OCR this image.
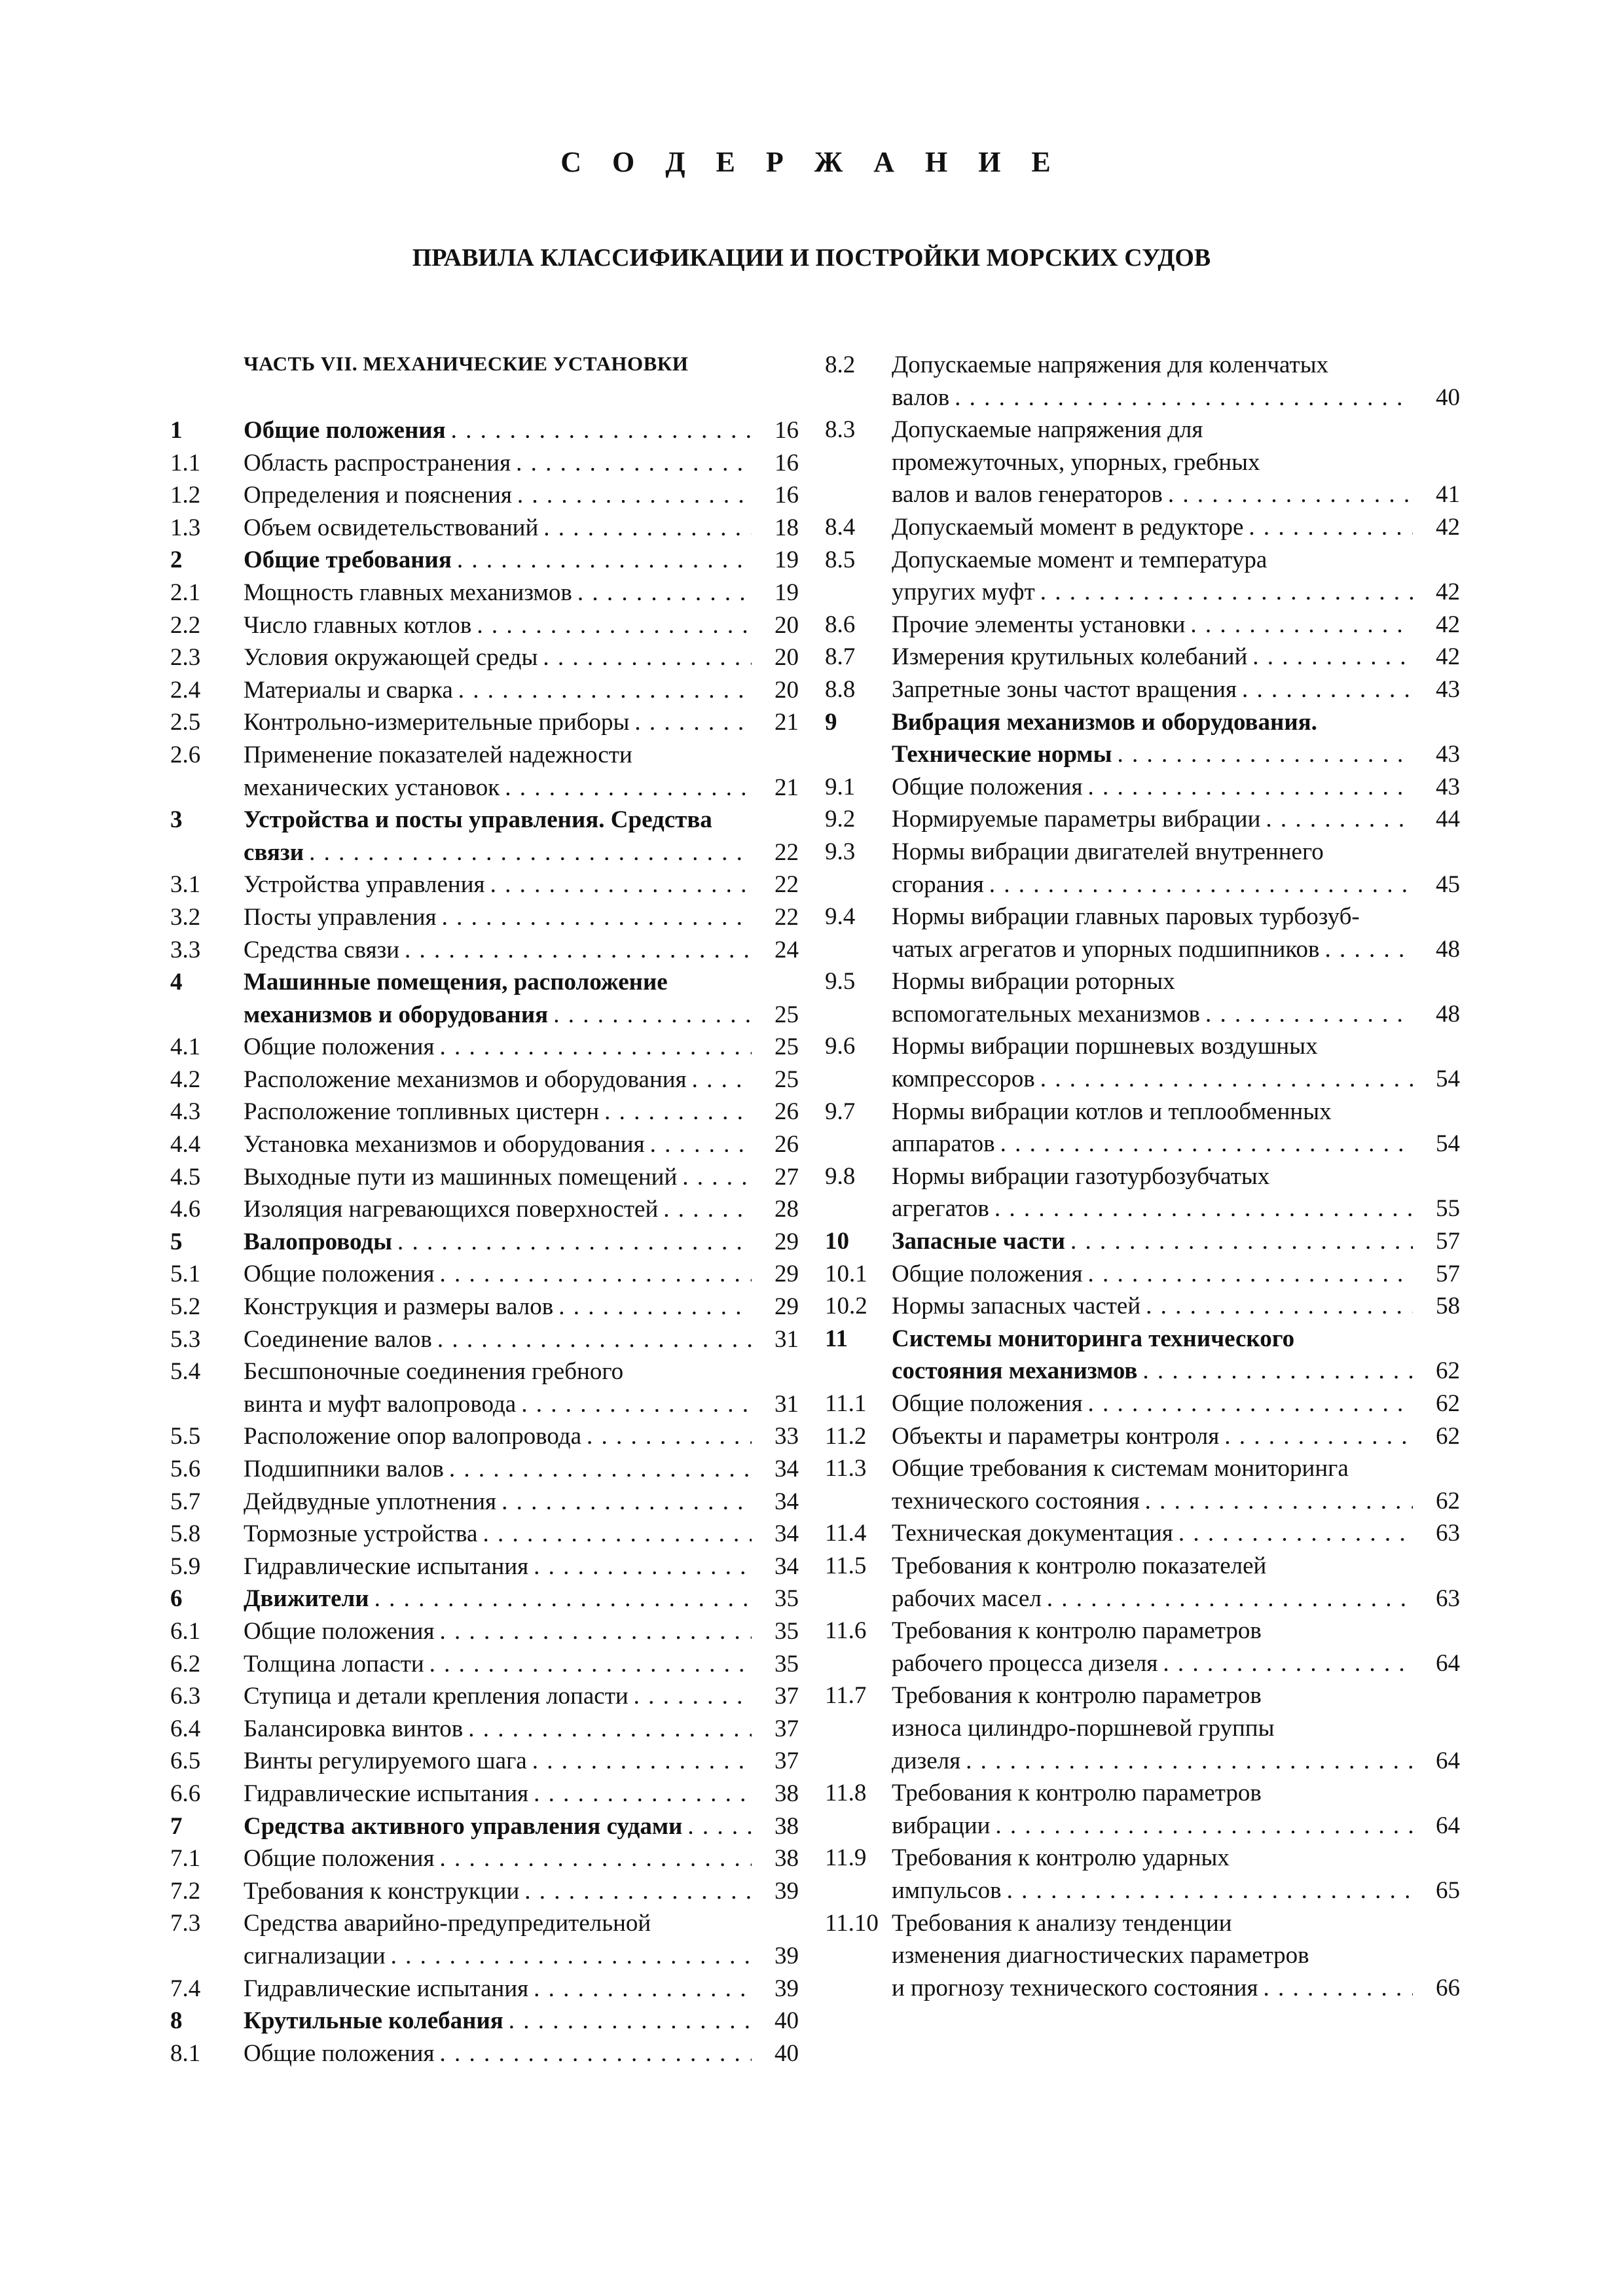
С О Д Е Р Ж А Н И Е
ПРАВИЛА КЛАССИФИКАЦИИ И ПОСТРОЙКИ МОРСКИХ СУДОВ
ЧАСТЬ VII. МЕХАНИЧЕСКИЕ УСТАНОВКИ
1	Общие положения . . .	16
1.1 Область распространения . . .	16
1.2 Определения и пояснения . . .	16
1.3 Объем освидетельствований . . .	18
2	Общие требования . . .	19
2.1 Мощность главных механизмов . . .	19
2.2 Число главных котлов . . .	20
2.3 Условия окружающей среды . . .	20
2.4 Материалы и сварка . . .	20
2.5 Контрольно-измерительные приборы . . .	21
2.6 Применение показателей надежности
механических установок . . .	21
3	Устройства и посты управления. Средства
связи . . .	22
3.1 Устройства управления . . .	22
3.2 Посты управления . . .	22
3.3 Средства связи . . .	24
4	Машинные помещения, расположение
механизмов и оборудования . . .	25
4.1 Общие положения . . .	25
4.2 Расположение механизмов и оборудования . . .	25
4.3 Расположение топливных цистерн . . .	26
4.4 Установка механизмов и оборудования . . .	26
4.5 Выходные пути из машинных помещений . . .	27
4.6 Изоляция нагревающихся поверхностей . . .	28
5	Валопроводы . . .	29
5.1 Общие положения . . .	29
5.2 Конструкция и размеры валов . . .	29
5.3 Соединение валов . . .	31
5.4 Бесшпоночные соединения гребного
винта и муфт валопровода . . .	31
5.5 Расположение опор валопровода . . .	33
5.6 Подшипники валов . . .	34
5.7 Дейдвудные уплотнения . . .	34
5.8 Тормозные устройства . . .	34
5.9 Гидравлические испытания . . .	34
6	Движители . . .	35
6.1 Общие положения . . .	35
6.2 Толщина лопасти . . .	35
6.3 Ступица и детали крепления лопасти . . .	37
6.4 Балансировка винтов . . .	37
6.5 Винты регулируемого шага . . .	37
6.6 Гидравлические испытания . . .	38
7	Средства активного управления судами . . .	38
7.1 Общие положения . . .	38
7.2 Требования к конструкции . . .	39
7.3 Средства аварийно-предупредительной
сигнализации . . .	39
7.4 Гидравлические испытания . . .	39
8	Крутильные колебания . . .	40
8.1 Общие положения . . .	40
8.2 Допускаемые напряжения для коленчатых
валов . . .	40
8.3 Допускаемые напряжения для
промежуточных, упорных, гребных
валов и валов генераторов . . .	41
8.4 Допускаемый момент в редукторе . . .	42
8.5 Допускаемые момент и температура
упругих муфт . . .	42
8.6 Прочие элементы установки . . .	42
8.7 Измерения крутильных колебаний . . .	42
8.8 Запретные зоны частот вращения . . .	43
9 Вибрация механизмов и оборудования.
Технические нормы . . .	43
9.1 Общие положения . . .	43
9.2 Нормируемые параметры вибрации . . .	44
9.3 Нормы вибрации двигателей внутреннего
сгорания . . .	45
9.4 Нормы вибрации главных паровых турбозуб-
чатых агрегатов и упорных подшипников . . .	48
9.5 Нормы вибрации роторных
вспомогательных механизмов . . .	48
9.6 Нормы вибрации поршневых воздушных
компрессоров . . .	54
9.7 Нормы вибрации котлов и теплообменных
аппаратов . . .	54
9.8 Нормы вибрации газотурбозубчатых
агрегатов . . .	55
10 Запасные части . . .	57
10.1 Общие положения . . .	57
10.2 Нормы запасных частей . . .	58
11 Системы мониторинга технического
состояния механизмов . . .	62
11.1 Общие положения . . .	62
11.2 Объекты и параметры контроля . . .	62
11.3 Общие требования к системам мониторинга
технического состояния . . .	62
11.4 Техническая документация . . .	63
11.5 Требования к контролю показателей
рабочих масел . . .	63
11.6 Требования к контролю параметров
рабочего процесса дизеля . . .	64
11.7 Требования к контролю параметров
износа цилиндро-поршневой группы
дизеля . . .	64
11.8 Требования к контролю параметров
вибрации . . .	64
11.9 Требования к контролю ударных
импульсов . . .	65
11.10 Требования к анализу тенденции
изменения диагностических параметров
и прогнозу технического состояния . . .	66
